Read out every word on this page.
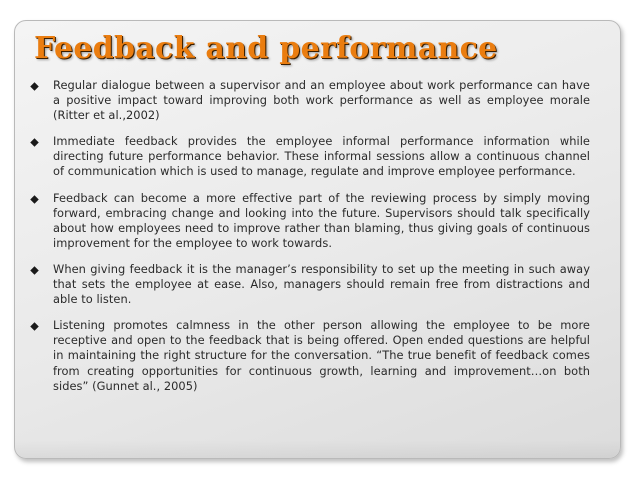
Feedback and performance
Regular dialogue between a supervisor and an employee about work performance can have a positive impact toward improving both work performance as well as employee morale (Ritter et al.,2002)
Immediate feedback provides the employee informal performance information while directing future performance behavior. These informal sessions allow a continuous channel of communication which is used to manage, regulate and improve employee performance.
Feedback can become a more effective part of the reviewing process by simply moving forward, embracing change and looking into the future. Supervisors should talk specifically about how employees need to improve rather than blaming, thus giving goals of continuous improvement for the employee to work towards.
When giving feedback it is the manager’s responsibility to set up the meeting in such away that sets the employee at ease. Also, managers should remain free from distractions and able to listen.
Listening promotes calmness in the other person allowing the employee to be more receptive and open to the feedback that is being offered. Open ended questions are helpful in maintaining the right structure for the conversation. “The true benefit of feedback comes from creating opportunities for continuous growth, learning and improvement…on both sides” (Gunnet al., 2005)
